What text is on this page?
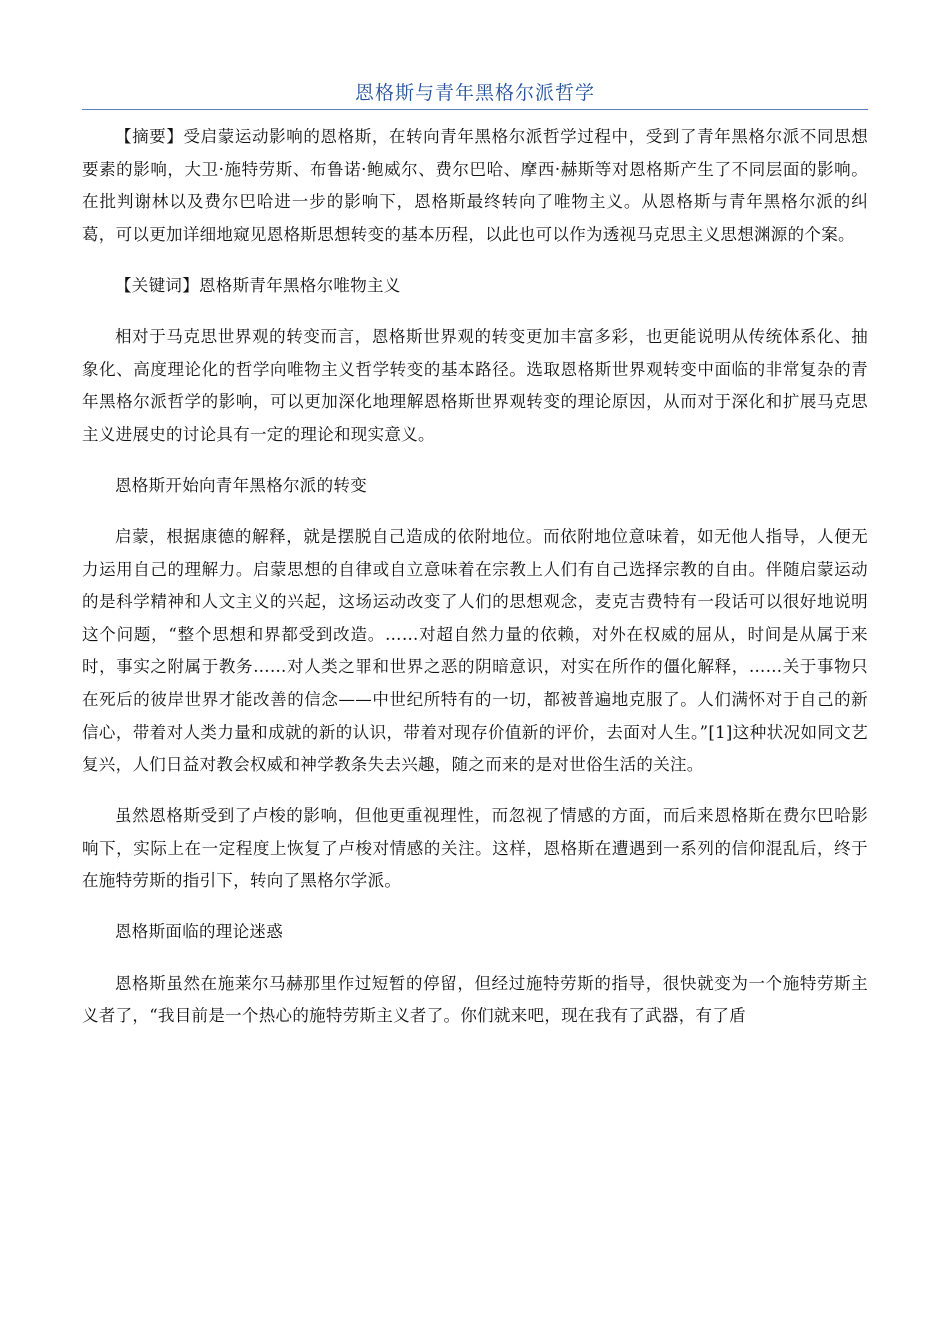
恩格斯与青年黑格尔派哲学

【摘要】受启蒙运动影响的恩格斯，在转向青年黑格尔派哲学过程中，受到了青年黑格尔派不同思想要素的影响，大卫·施特劳斯、布鲁诺·鲍威尔、费尔巴哈、摩西·赫斯等对恩格斯产生了不同层面的影响。在批判谢林以及费尔巴哈进一步的影响下，恩格斯最终转向了唯物主义。从恩格斯与青年黑格尔派的纠葛，可以更加详细地窥见恩格斯思想转变的基本历程，以此也可以作为透视马克思主义思想渊源的个案。

【关键词】恩格斯青年黑格尔唯物主义

相对于马克思世界观的转变而言，恩格斯世界观的转变更加丰富多彩，也更能说明从传统体系化、抽象化、高度理论化的哲学向唯物主义哲学转变的基本路径。选取恩格斯世界观转变中面临的非常复杂的青年黑格尔派哲学的影响，可以更加深化地理解恩格斯世界观转变的理论原因，从而对于深化和扩展马克思主义进展史的讨论具有一定的理论和现实意义。

恩格斯开始向青年黑格尔派的转变

启蒙，根据康德的解释，就是摆脱自己造成的依附地位。而依附地位意味着，如无他人指导，人便无力运用自己的理解力。启蒙思想的自律或自立意味着在宗教上人们有自己选择宗教的自由。伴随启蒙运动的是科学精神和人文主义的兴起，这场运动改变了人们的思想观念，麦克吉费特有一段话可以很好地说明这个问题，“整个思想和界都受到改造。……对超自然力量的依赖，对外在权威的屈从，时间是从属于来时，事实之附属于教务……对人类之罪和世界之恶的阴暗意识，对实在所作的僵化解释，……关于事物只在死后的彼岸世界才能改善的信念——中世纪所特有的一切，都被普遍地克服了。人们满怀对于自己的新信心，带着对人类力量和成就的新的认识，带着对现存价值新的评价，去面对人生。”[1]这种状况如同文艺复兴，人们日益对教会权威和神学教条失去兴趣，随之而来的是对世俗生活的关注。

虽然恩格斯受到了卢梭的影响，但他更重视理性，而忽视了情感的方面，而后来恩格斯在费尔巴哈影响下，实际上在一定程度上恢复了卢梭对情感的关注。这样，恩格斯在遭遇到一系列的信仰混乱后，终于在施特劳斯的指引下，转向了黑格尔学派。

恩格斯面临的理论迷惑

恩格斯虽然在施莱尔马赫那里作过短暂的停留，但经过施特劳斯的指导，很快就变为一个施特劳斯主义者了，“我目前是一个热心的施特劳斯主义者了。你们就来吧，现在我有了武器，有了盾
